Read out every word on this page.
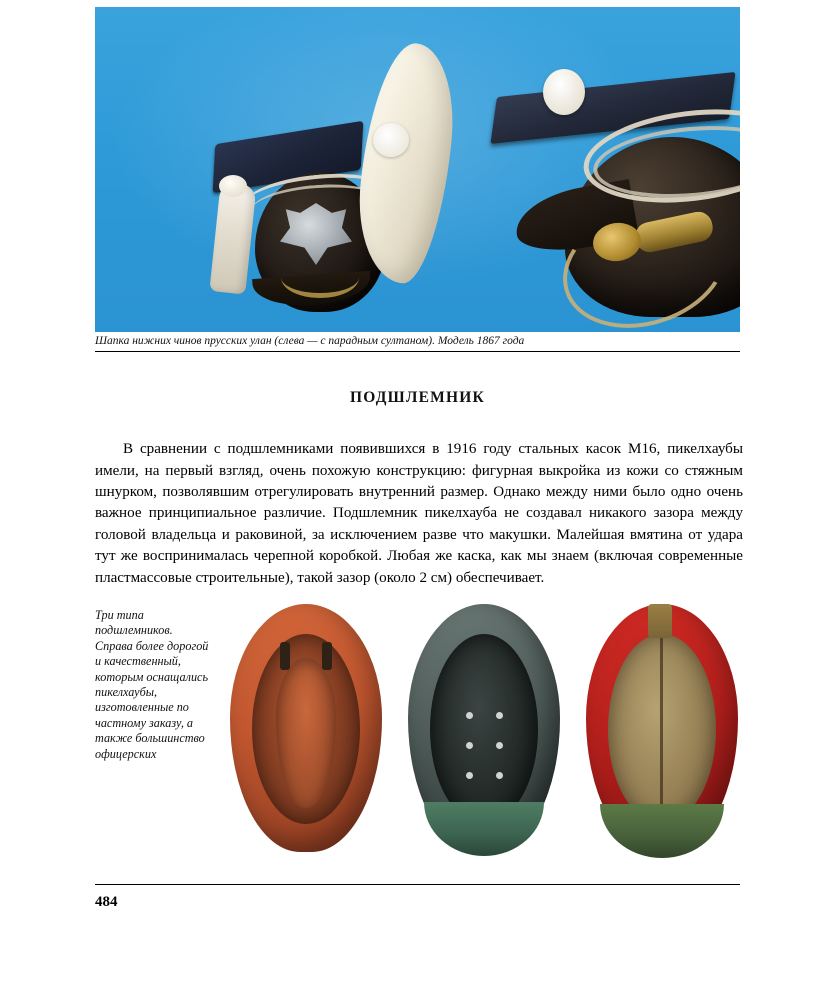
Шапка нижних чинов прусских улан (слева — с парадным султаном). Модель 1867 года
ПОДШЛЕМНИК

В сравнении с подшлемниками появившихся в 1916 году стальных касок М16, пикелхаубы имели, на первый взгляд, очень похожую конструкцию: фигурная выкройка из кожи со стяжным шнурком, позволявшим отрегулировать внутренний размер. Однако между ними было одно очень важное принципиальное различие. Подшлемник пикелхауба не создавал никакого зазора между головой владельца и раковиной, за исключением разве что макушки. Малейшая вмятина от удара тут же воспринималась черепной коробкой. Любая же каска, как мы знаем (включая современные пластмассовые строительные), такой зазор (около 2 см) обеспечивает.

Три типа подшлемников. Справа более дорогой и качественный, которым оснащались пикелхаубы, изготовленные по частному заказу, а также большинство офицерских
484
